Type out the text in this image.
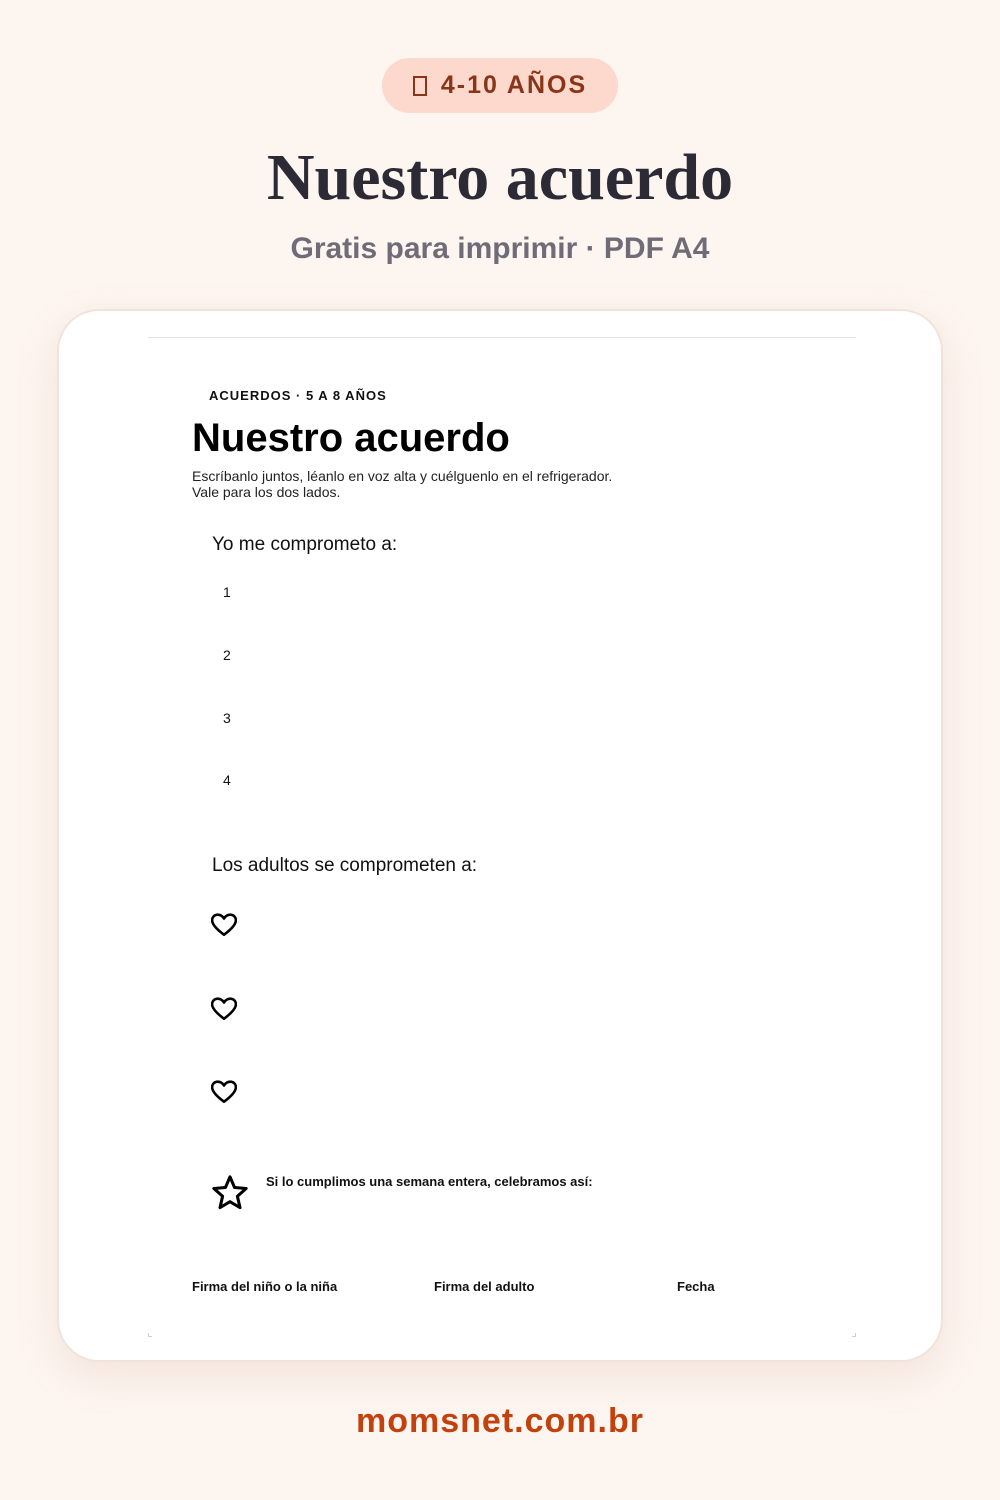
4-10 AÑOS
Nuestro acuerdo
Gratis para imprimir · PDF A4
ACUERDOS · 5 A 8 AÑOS
Nuestro acuerdo
Escríbanlo juntos, léanlo en voz alta y cuélguenlo en el refrigerador.
Vale para los dos lados.
Yo me comprometo a:
1
2
3
4
Los adultos se comprometen a:
Si lo cumplimos una semana entera, celebramos así:
Firma del niño o la niña	Firma del adulto	Fecha
momsnet.com.br
